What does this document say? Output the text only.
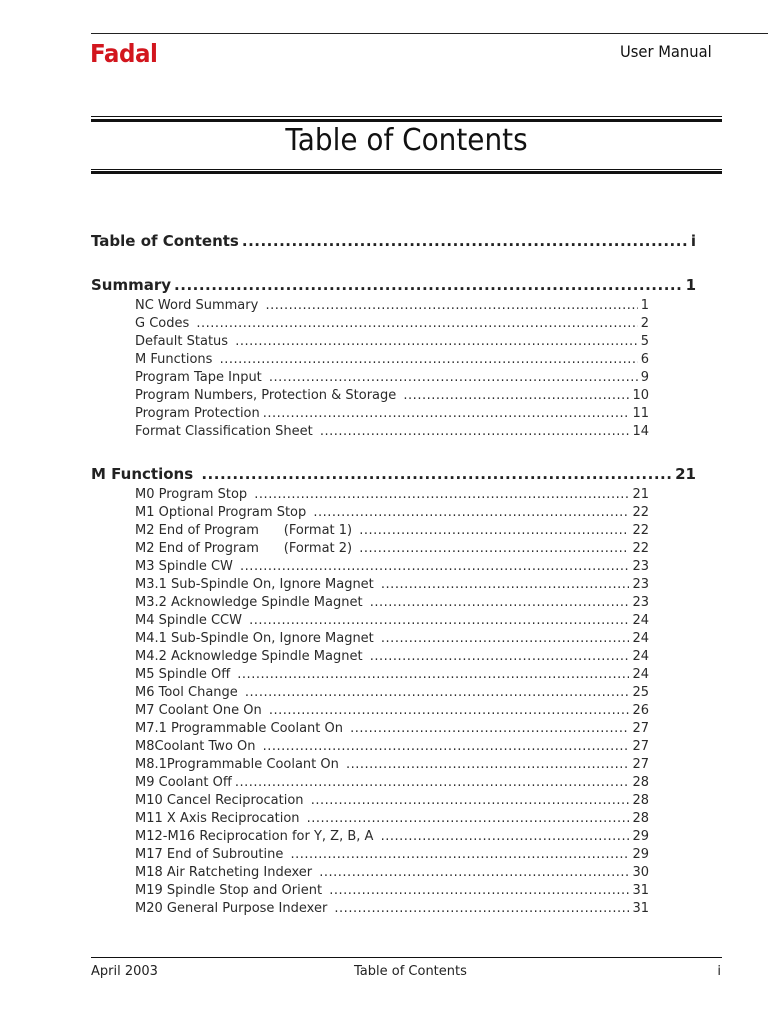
Fadal	User Manual
Table of Contents
Table of Contents .....	i
Summary .....	1
NC Word Summary .....	1
G Codes .....	2
Default Status .....	5
M Functions .....	6
Program Tape Input .....	9
Program Numbers, Protection & Storage .....	10
Program Protection .....	11
Format Classification Sheet .....	14
M Functions .....	21
M0 Program Stop .....	21
M1 Optional Program Stop .....	22
M2 End of Program      (Format 1) .....	22
M2 End of Program      (Format 2) .....	22
M3 Spindle CW .....	23
M3.1 Sub-Spindle On, Ignore Magnet .....	23
M3.2 Acknowledge Spindle Magnet .....	23
M4 Spindle CCW .....	24
M4.1 Sub-Spindle On, Ignore Magnet .....	24
M4.2 Acknowledge Spindle Magnet .....	24
M5 Spindle Off .....	24
M6 Tool Change .....	25
M7 Coolant One On .....	26
M7.1 Programmable Coolant On .....	27
M8Coolant Two On .....	27
M8.1Programmable Coolant On .....	27
M9 Coolant Off .....	28
M10 Cancel Reciprocation .....	28
M11 X Axis Reciprocation .....	28
M12-M16 Reciprocation for Y, Z, B, A .....	29
M17 End of Subroutine .....	29
M18 Air Ratcheting Indexer .....	30
M19 Spindle Stop and Orient .....	31
M20 General Purpose Indexer .....	31
April 2003	Table of Contents	i
